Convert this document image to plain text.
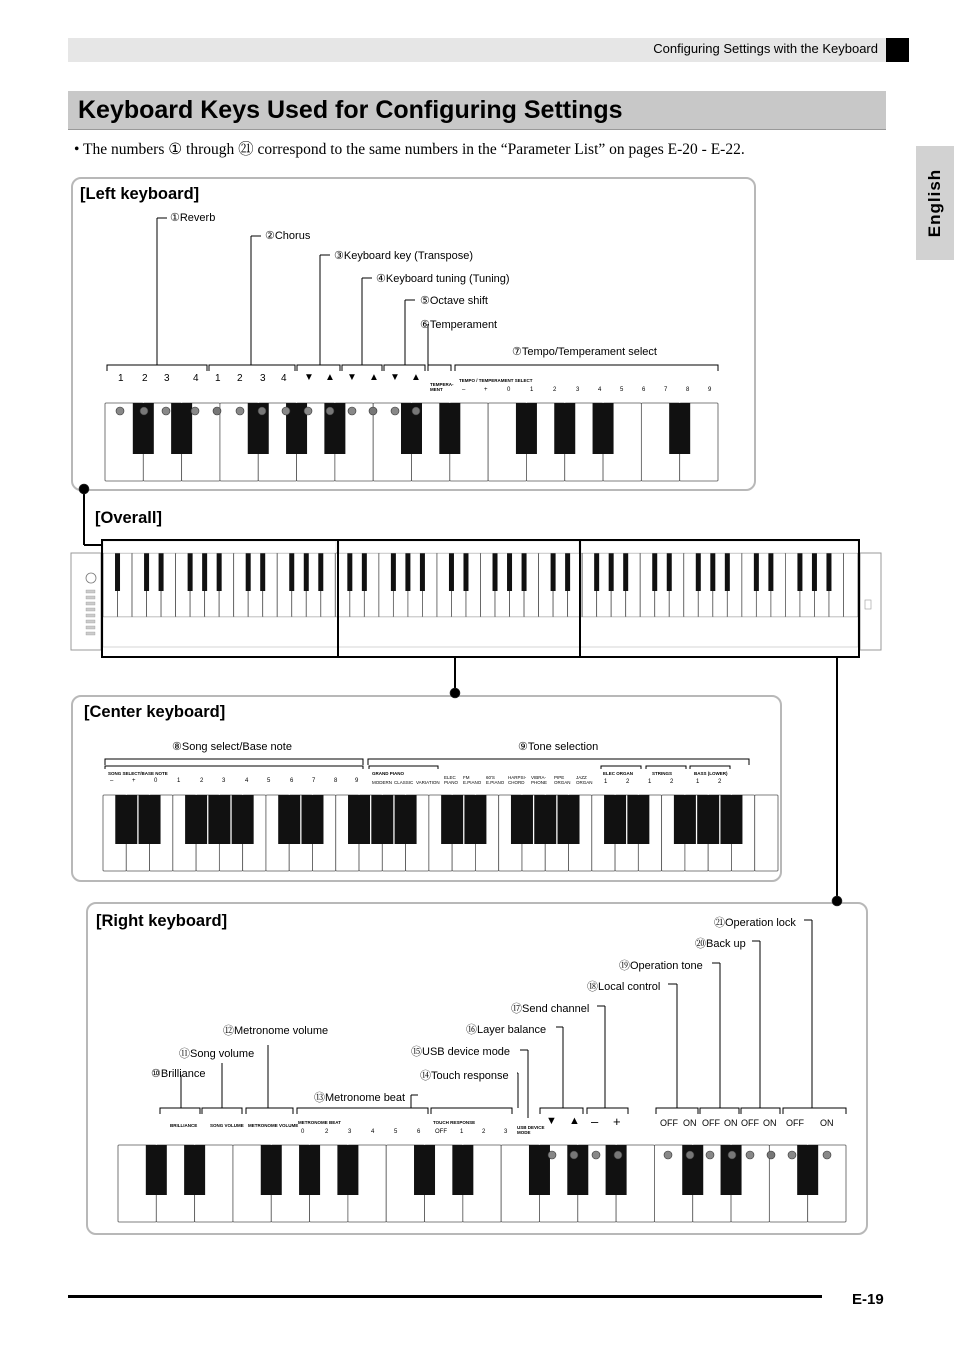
Configuring Settings with the Keyboard
Keyboard Keys Used for Configuring Settings
• The numbers ① through ㉑ correspond to the same numbers in the “Parameter List” on pages E-20 - E-22.
English
[Left keyboard]
[Overall]
[Center keyboard]
[Right keyboard]
①Reverb
②Chorus
③Keyboard key (Transpose)
④Keyboard tuning (Tuning)
⑤Octave shift
⑥Temperament
⑦Tempo/Temperament select
1 2 3 4 1 2 3 4 ▼ ▲ ▼ ▲ ▼ ▲
TEMPERA-
MENT
TEMPO / TEMPERAMENT SELECT
–	+	0	1	2	3	4	5	6	7	8	9
⑧Song select/Base note	⑨Tone selection
SONG SELECT/BASE NOTE
–	+	0	1	2	3	4	5	6	7	8	9
GRAND PIANO
MODERN CLASSIC VARIATION
ELEC
PIANO
FM
E.PIANO
60'S
E.PIANO
HARPSI-
CHORD
VIBRA-
PHONE
PIPE
ORGAN
JAZZ
ORGAN
ELEC ORGAN
1	2
STRINGS
1	2
BASS (LOWER)
1	2
⑩Brilliance
⑪Song volume
⑫Metronome volume
⑬Metronome beat
⑭Touch response
⑮USB device mode
⑯Layer balance
⑰Send channel
⑱Local control
⑲Operation tone
⑳Back up
㉑Operation lock
BRILLIANCE	SONG VOLUME METRONOME VOLUME
METRONOME BEAT	TOUCH RESPONSE
USB DEVICE
MODE
0	2	3	4	5	6 OFF 1	2	3
▼ ▲ – +	OFF ON OFF ON OFF ON OFF ON
E-19
